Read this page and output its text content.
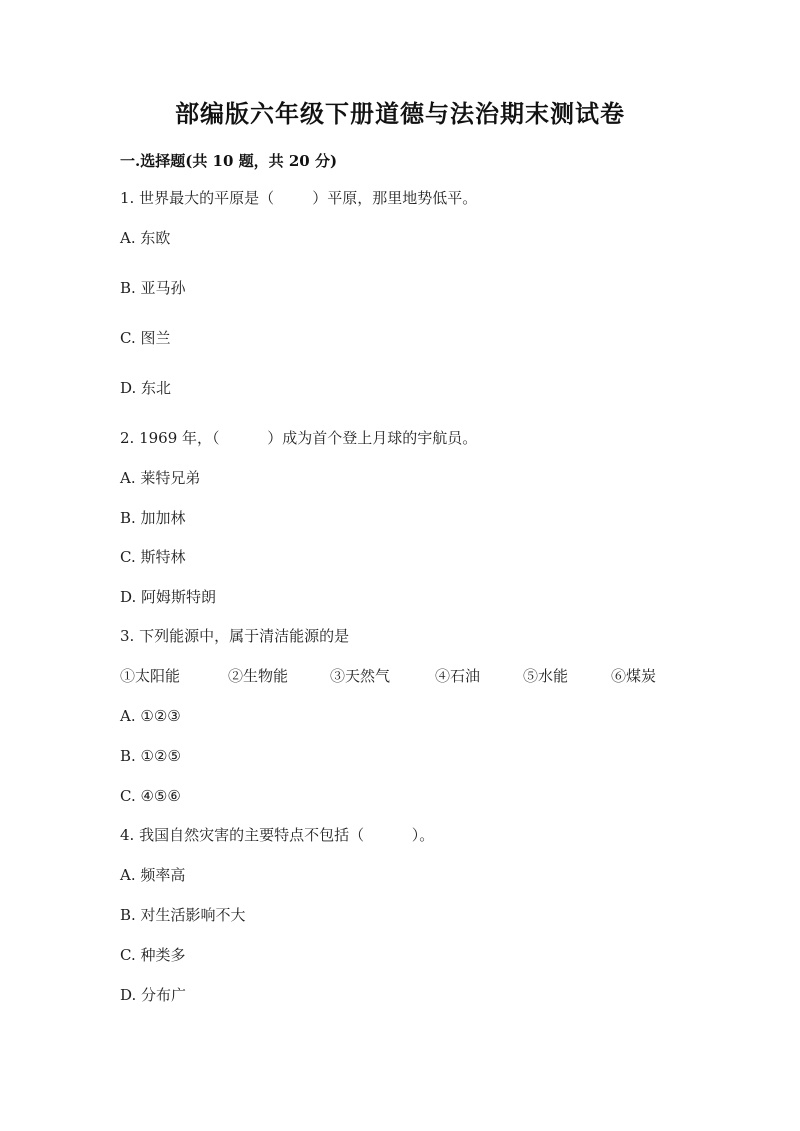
部编版六年级下册道德与法治期末测试卷
一.选择题(共 10 题，共 20 分)
1. 世界最大的平原是（        ）平原，那里地势低平。
A. 东欧
B. 亚马孙
C. 图兰
D. 东北
2. 1969 年，（          ）成为首个登上月球的宇航员。
A. 莱特兄弟
B. 加加林
C. 斯特林
D. 阿姆斯特朗
3. 下列能源中，属于清洁能源的是
①太阳能	②生物能	③天然气	④石油	⑤水能	⑥煤炭
A. ①②③
B. ①②⑤
C. ④⑤⑥
4. 我国自然灾害的主要特点不包括（          ）。
A. 频率高
B. 对生活影响不大
C. 种类多
D. 分布广
